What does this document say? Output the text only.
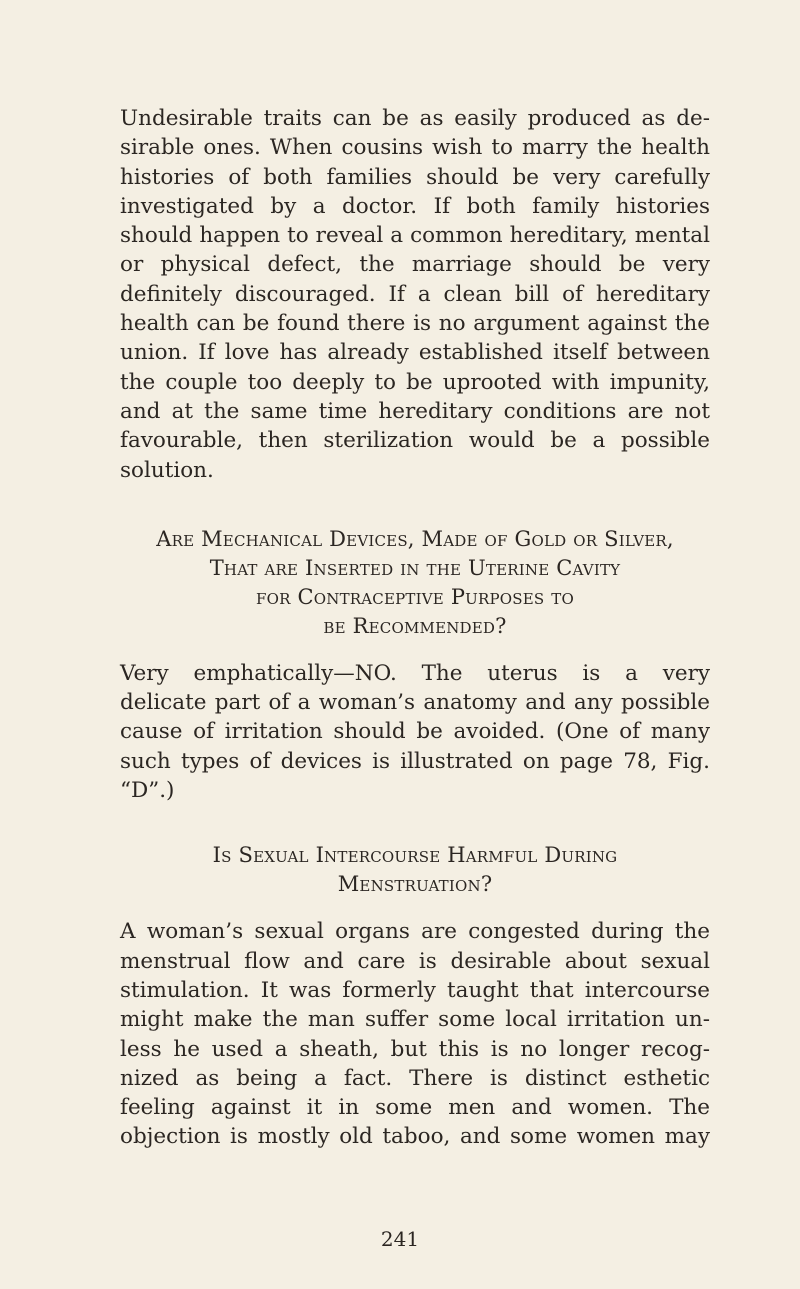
Undesirable traits can be as easily produced as de-
sirable ones. When cousins wish to marry the health
histories of both families should be very carefully
investigated by a doctor. If both family histories
should happen to reveal a common hereditary, mental
or physical defect, the marriage should be very
definitely discouraged. If a clean bill of hereditary
health can be found there is no argument against the
union. If love has already established itself between
the couple too deeply to be uprooted with impunity,
and at the same time hereditary conditions are not
favourable, then sterilization would be a possible
solution.
Are Mechanical Devices, Made of Gold or Silver,
That are Inserted in the Uterine Cavity
for Contraceptive Purposes to
be Recommended?
Very emphatically—NO. The uterus is a very
delicate part of a woman’s anatomy and any possible
cause of irritation should be avoided. (One of many
such types of devices is illustrated on page 78, Fig.
“D”.)
Is Sexual Intercourse Harmful During
Menstruation?
A woman’s sexual organs are congested during the
menstrual flow and care is desirable about sexual
stimulation. It was formerly taught that intercourse
might make the man suffer some local irritation un-
less he used a sheath, but this is no longer recog-
nized as being a fact. There is distinct esthetic
feeling against it in some men and women. The
objection is mostly old taboo, and some women may
241
